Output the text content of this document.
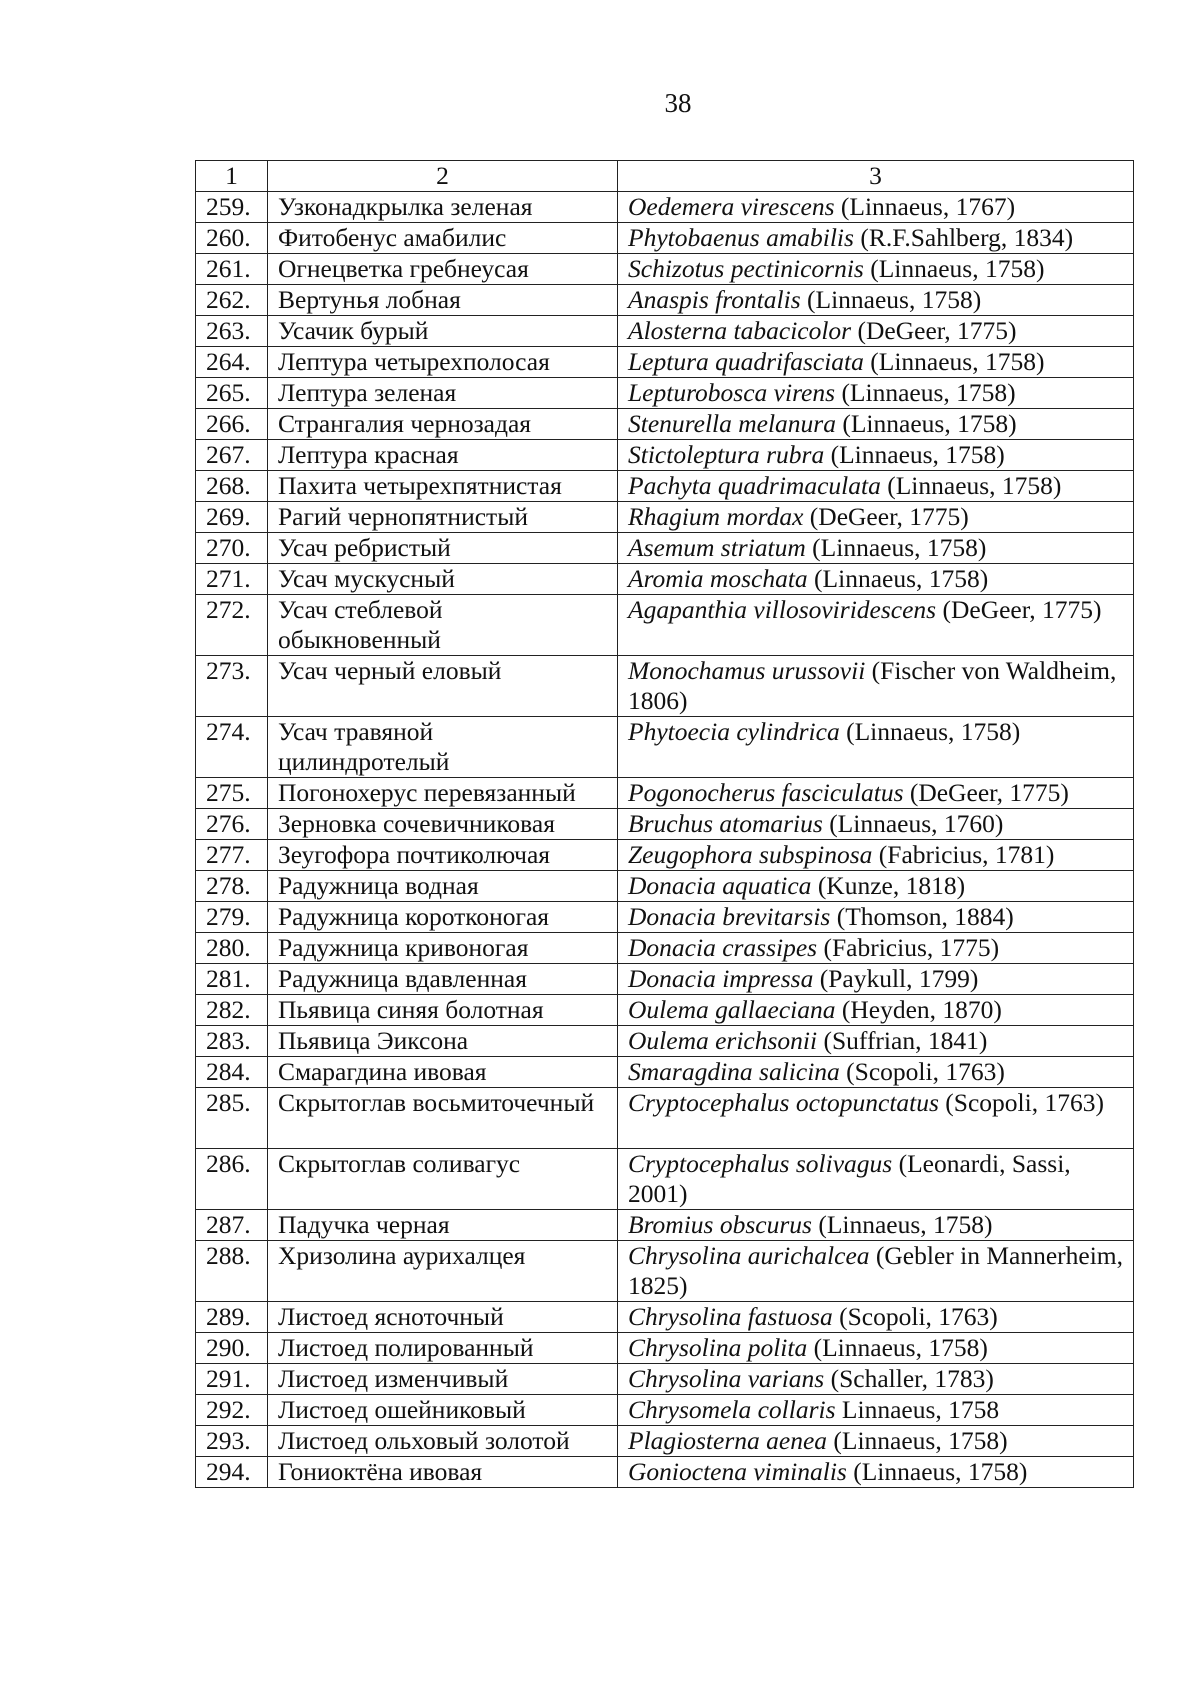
38
1	2	3
259.	Узконадкрылка зеленая	Oedemera virescens (Linnaeus, 1767)
260.	Фитобенус амабилис	Phytobaenus amabilis (R.F.Sahlberg, 1834)
261.	Огнецветка гребнеусая	Schizotus pectinicornis (Linnaeus, 1758)
262.	Вертунья лобная	Anaspis frontalis (Linnaeus, 1758)
263.	Усачик бурый	Alosterna tabacicolor (DeGeer, 1775)
264.	Лептура четырехполосая	Leptura quadrifasciata (Linnaeus, 1758)
265.	Лептура зеленая	Lepturobosca virens (Linnaeus, 1758)
266.	Странгалия чернозадая	Stenurella melanura (Linnaeus, 1758)
267.	Лептура красная	Stictoleptura rubra (Linnaeus, 1758)
268.	Пахита четырехпятнистая	Pachyta quadrimaculata (Linnaeus, 1758)
269.	Рагий чернопятнистый	Rhagium mordax (DeGeer, 1775)
270.	Усач ребристый	Asemum striatum (Linnaeus, 1758)
271.	Усач мускусный	Aromia moschata (Linnaeus, 1758)
272.	Усач стеблевой обыкновенный	Agapanthia villosoviridescens (DeGeer, 1775)
273.	Усач черный еловый	Monochamus urussovii (Fischer von Waldheim, 1806)
274.	Усач травяной цилиндротелый	Phytoecia cylindrica (Linnaeus, 1758)
275.	Погонохерус перевязанный	Pogonocherus fasciculatus (DeGeer, 1775)
276.	Зерновка сочевичниковая	Bruchus atomarius (Linnaeus, 1760)
277.	Зеугофора почтиколючая	Zeugophora subspinosa (Fabricius, 1781)
278.	Радужница водная	Donacia aquatica (Kunze, 1818)
279.	Радужница коротконогая	Donacia brevitarsis (Thomson, 1884)
280.	Радужница кривоногая	Donacia crassipes (Fabricius, 1775)
281.	Радужница вдавленная	Donacia impressa (Paykull, 1799)
282.	Пьявица синяя болотная	Oulema gallaeciana (Heyden, 1870)
283.	Пьявица Эиксона	Oulema erichsonii (Suffrian, 1841)
284.	Смарагдина ивовая	Smaragdina salicina (Scopoli, 1763)
285.	Скрытоглав восьмиточечный	Cryptocephalus octopunctatus (Scopoli, 1763)
286.	Скрытоглав соливагус	Cryptocephalus solivagus (Leonardi, Sassi, 2001)
287.	Падучка черная	Bromius obscurus (Linnaeus, 1758)
288.	Хризолина аурихалцея	Chrysolina aurichalcea (Gebler in Mannerheim, 1825)
289.	Листоед ясноточный	Chrysolina fastuosa (Scopoli, 1763)
290.	Листоед полированный	Chrysolina polita (Linnaeus, 1758)
291.	Листоед изменчивый	Chrysolina varians (Schaller, 1783)
292.	Листоед ошейниковый	Chrysomela collaris Linnaeus, 1758
293.	Листоед ольховый золотой	Plagiosterna aenea (Linnaeus, 1758)
294.	Гониоктёна ивовая	Gonioctena viminalis (Linnaeus, 1758)
